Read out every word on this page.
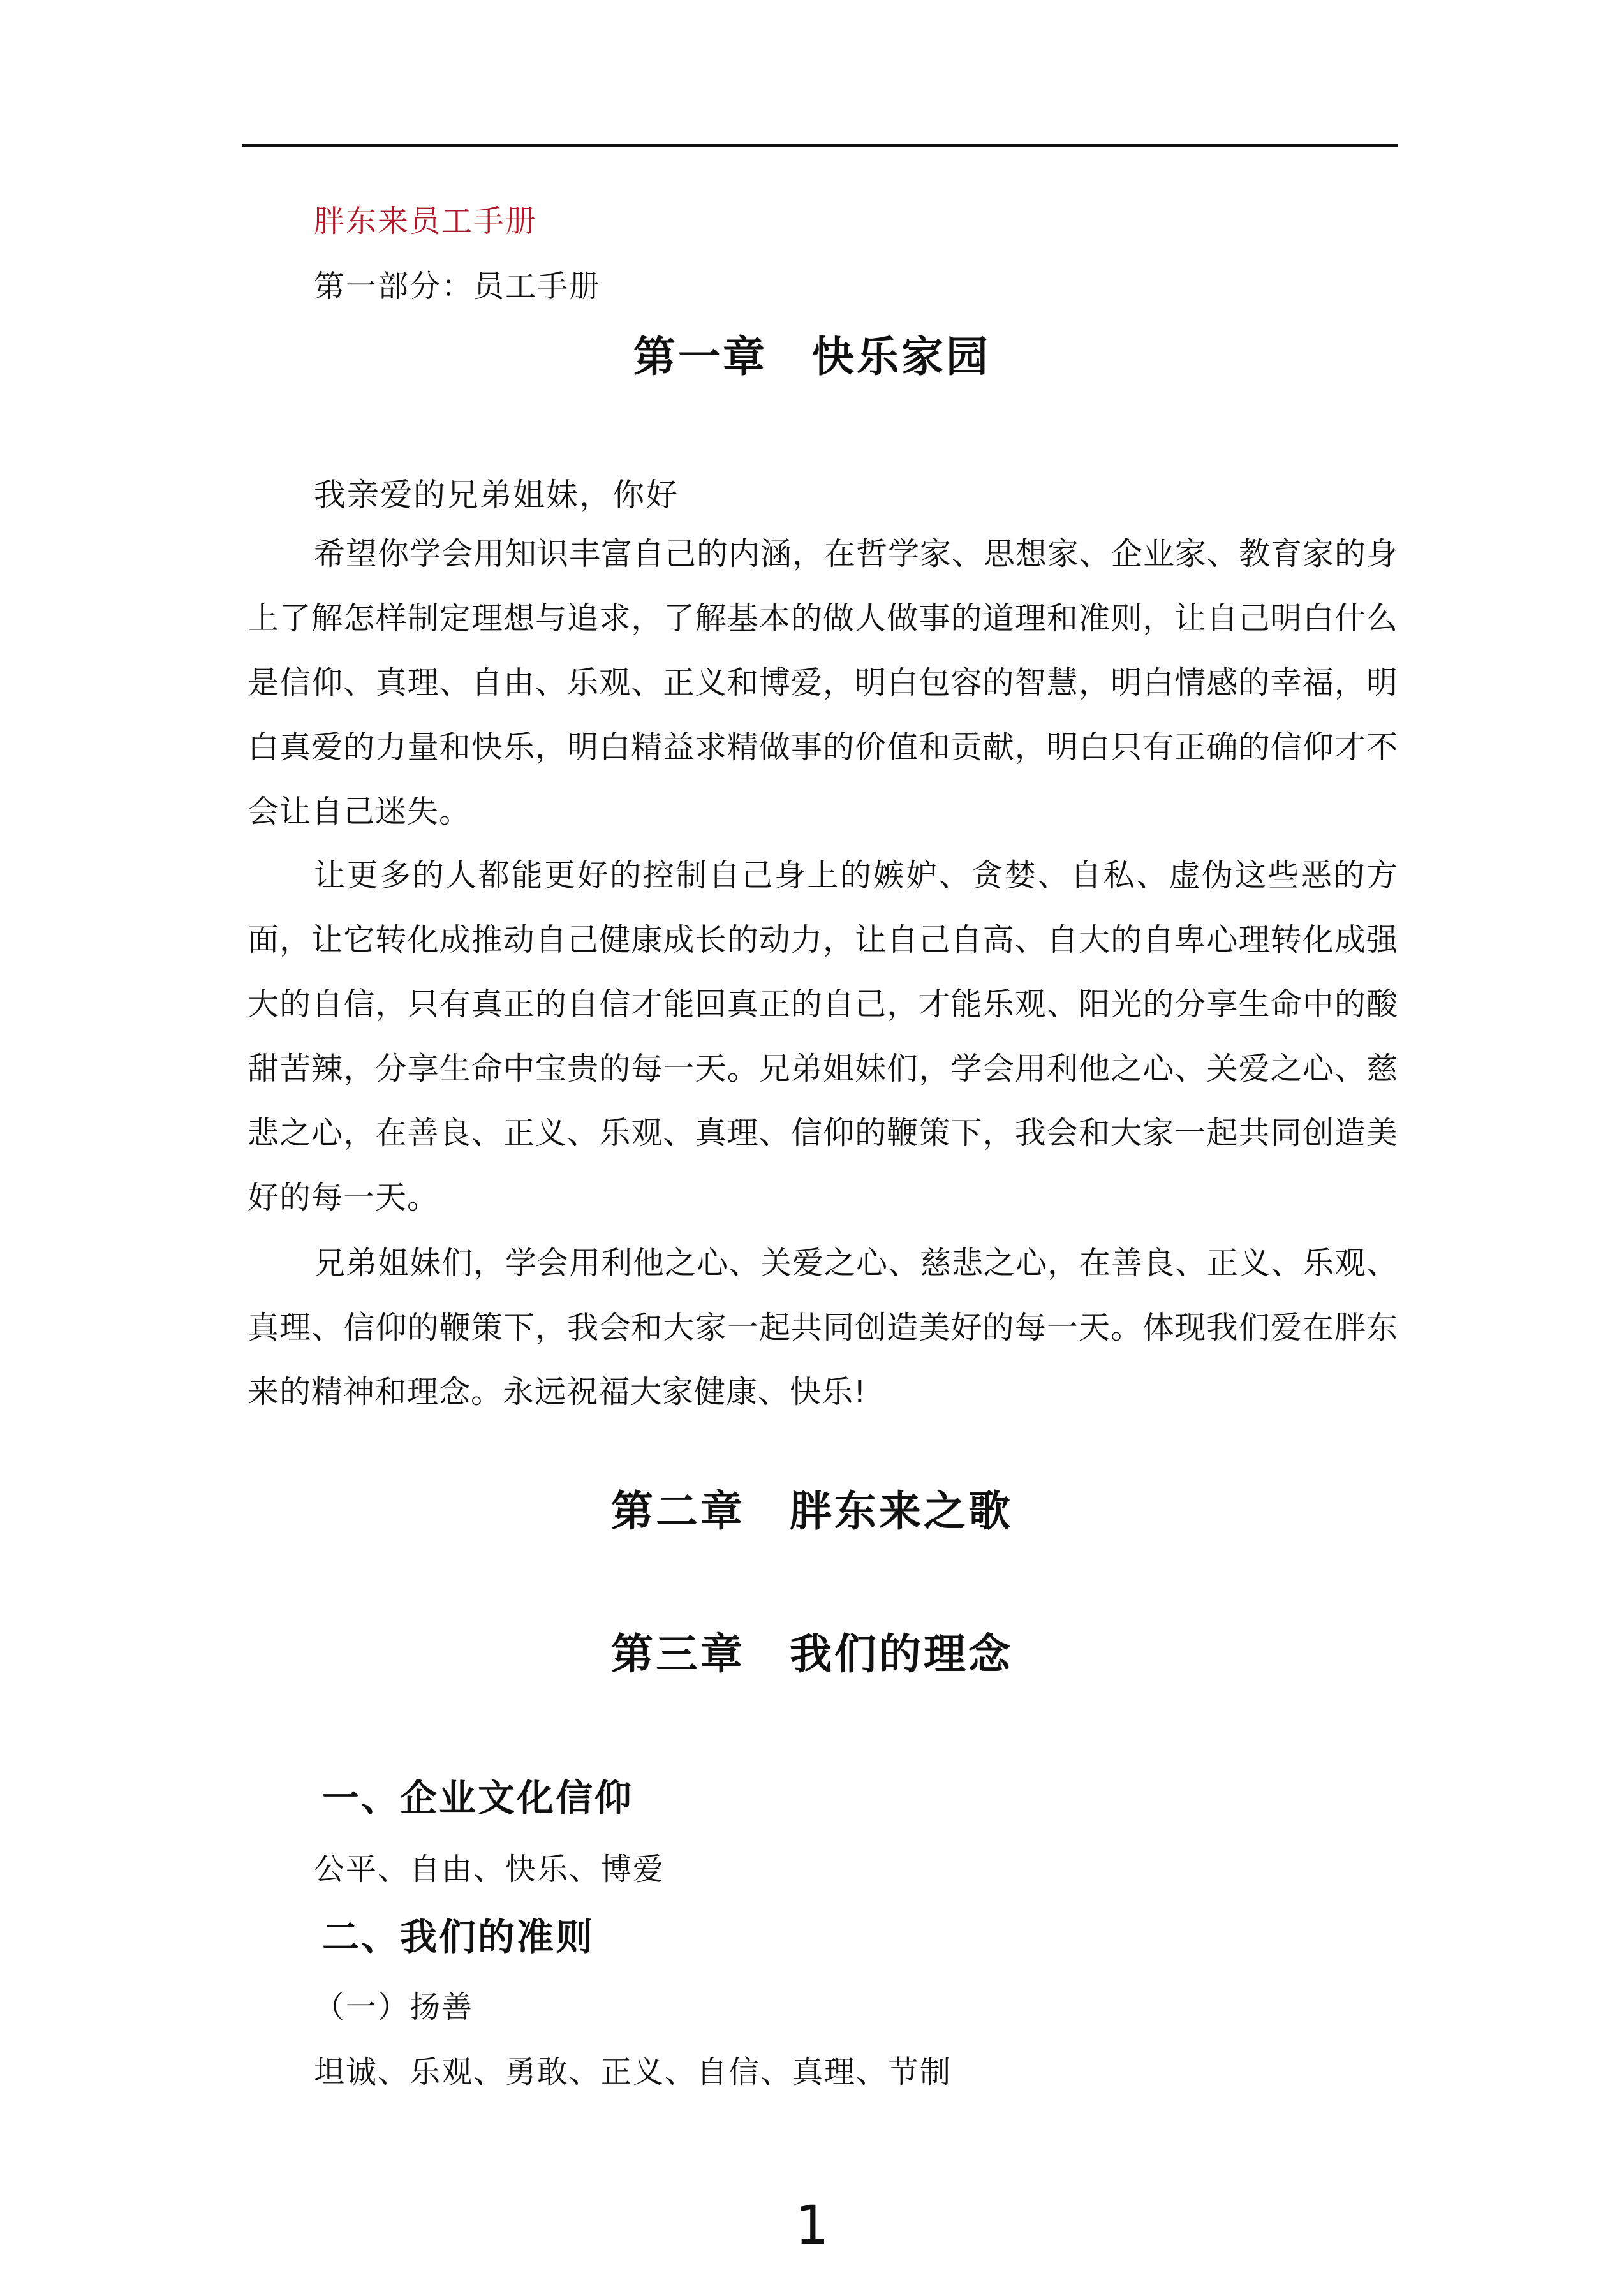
胖东来员工手册
第一部分：员工手册
第一章 快乐家园
我亲爱的兄弟姐妹，你好

希望你学会用知识丰富自己的内涵，在哲学家、思想家、企业家、教育家的身上了解怎样制定理想与追求，了解基本的做人做事的道理和准则，让自己明白什么是信仰、真理、自由、乐观、正义和博爱，明白包容的智慧，明白情感的幸福，明白真爱的力量和快乐，明白精益求精做事的价值和贡献，明白只有正确的信仰才不会让自己迷失。

让更多的人都能更好的控制自己身上的嫉妒、贪婪、自私、虚伪这些恶的方面，让它转化成推动自己健康成长的动力，让自己自高、自大的自卑心理转化成强大的自信，只有真正的自信才能回真正的自己，才能乐观、阳光的分享生命中的酸甜苦辣，分享生命中宝贵的每一天。兄弟姐妹们，学会用利他之心、关爱之心、慈悲之心，在善良、正义、乐观、真理、信仰的鞭策下，我会和大家一起共同创造美好的每一天。

兄弟姐妹们，学会用利他之心、关爱之心、慈悲之心，在善良、正义、乐观、真理、信仰的鞭策下，我会和大家一起共同创造美好的每一天。体现我们爱在胖东来的精神和理念。永远祝福大家健康、快乐!

第二章 胖东来之歌
第三章 我们的理念
一、企业文化信仰
公平、自由、快乐、博爱
二、我们的准则
（一）扬善
坦诚、乐观、勇敢、正义、自信、真理、节制
1
